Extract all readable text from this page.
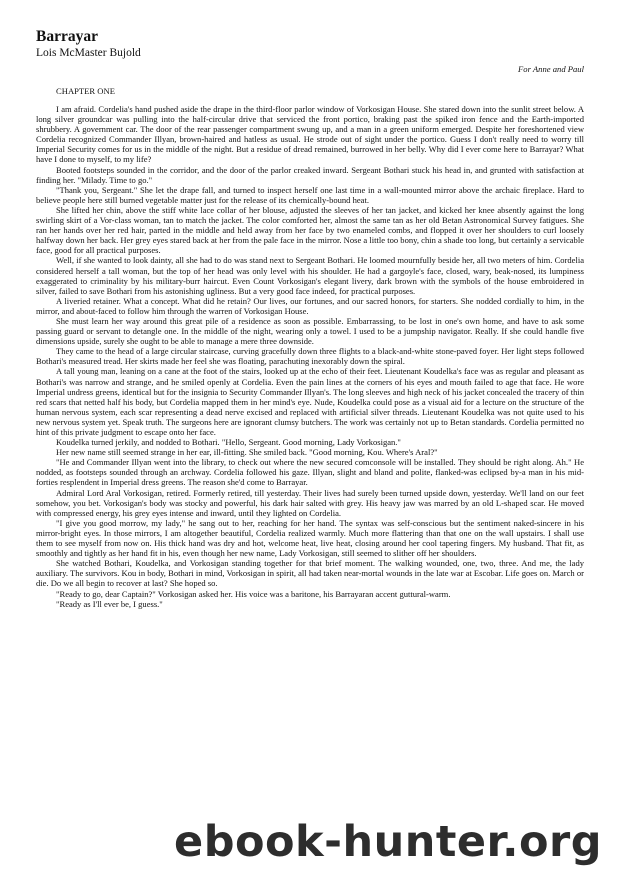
Barrayar
Lois McMaster Bujold
For Anne and Paul
CHAPTER ONE

I am afraid. Cordelia's hand pushed aside the drape in the third-floor parlor window of Vorkosigan House. She stared down into the sunlit street below. A long silver groundcar was pulling into the half-circular drive that serviced the front portico, braking past the spiked iron fence and the Earth-imported shrubbery. A government car. The door of the rear passenger compartment swung up, and a man in a green uniform emerged. Despite her foreshortened view Cordelia recognized Commander Illyan, brown-haired and hatless as usual. He strode out of sight under the portico. Guess I don't really need to worry till Imperial Security comes for us in the middle of the night. But a residue of dread remained, burrowed in her belly. Why did I ever come here to Barrayar? What have I done to myself, to my life?

Booted footsteps sounded in the corridor, and the door of the parlor creaked inward. Sergeant Bothari stuck his head in, and grunted with satisfaction at finding her. "Milady. Time to go."

"Thank you, Sergeant." She let the drape fall, and turned to inspect herself one last time in a wall-mounted mirror above the archaic fireplace. Hard to believe people here still burned vegetable matter just for the release of its chemically-bound heat.

She lifted her chin, above the stiff white lace collar of her blouse, adjusted the sleeves of her tan jacket, and kicked her knee absently against the long swirling skirt of a Vor-class woman, tan to match the jacket. The color comforted her, almost the same tan as her old Betan Astronomical Survey fatigues. She ran her hands over her red hair, parted in the middle and held away from her face by two enameled combs, and flopped it over her shoulders to curl loosely halfway down her back. Her grey eyes stared back at her from the pale face in the mirror. Nose a little too bony, chin a shade too long, but certainly a servicable face, good for all practical purposes.

Well, if she wanted to look dainty, all she had to do was stand next to Sergeant Bothari. He loomed mournfully beside her, all two meters of him. Cordelia considered herself a tall woman, but the top of her head was only level with his shoulder. He had a gargoyle's face, closed, wary, beak-nosed, its lumpiness exaggerated to criminality by his military-burr haircut. Even Count Vorkosigan's elegant livery, dark brown with the symbols of the house embroidered in silver, failed to save Bothari from his astonishing ugliness. But a very good face indeed, for practical purposes.

A liveried retainer. What a concept. What did he retain? Our lives, our fortunes, and our sacred honors, for starters. She nodded cordially to him, in the mirror, and about-faced to follow him through the warren of Vorkosigan House.

She must learn her way around this great pile of a residence as soon as possible. Embarrassing, to be lost in one's own home, and have to ask some passing guard or servant to detangle one. In the middle of the night, wearing only a towel. I used to be a jumpship navigator. Really. If she could handle five dimensions upside, surely she ought to be able to manage a mere three downside.

They came to the head of a large circular staircase, curving gracefully down three flights to a black-and-white stone-paved foyer. Her light steps followed Bothari's measured tread. Her skirts made her feel she was floating, parachuting inexorably down the spiral.

A tall young man, leaning on a cane at the foot of the stairs, looked up at the echo of their feet. Lieutenant Koudelka's face was as regular and pleasant as Bothari's was narrow and strange, and he smiled openly at Cordelia. Even the pain lines at the corners of his eyes and mouth failed to age that face. He wore Imperial undress greens, identical but for the insignia to Security Commander Illyan's. The long sleeves and high neck of his jacket concealed the tracery of thin red scars that netted half his body, but Cordelia mapped them in her mind's eye. Nude, Koudelka could pose as a visual aid for a lecture on the structure of the human nervous system, each scar representing a dead nerve excised and replaced with artificial silver threads. Lieutenant Koudelka was not quite used to his new nervous system yet. Speak truth. The surgeons here are ignorant clumsy butchers. The work was certainly not up to Betan standards. Cordelia permitted no hint of this private judgment to escape onto her face.

Koudelka turned jerkily, and nodded to Bothari. "Hello, Sergeant. Good morning, Lady Vorkosigan."

Her new name still seemed strange in her ear, ill-fitting. She smiled back. "Good morning, Kou. Where's Aral?"

"He and Commander Illyan went into the library, to check out where the new secured comconsole will be installed. They should be right along. Ah." He nodded, as footsteps sounded through an archway. Cordelia followed his gaze. Illyan, slight and bland and polite, flanked-was eclipsed by-a man in his mid-forties resplendent in Imperial dress greens. The reason she'd come to Barrayar.

Admiral Lord Aral Vorkosigan, retired. Formerly retired, till yesterday. Their lives had surely been turned upside down, yesterday. We'll land on our feet somehow, you bet. Vorkosigan's body was stocky and powerful, his dark hair salted with grey. His heavy jaw was marred by an old L-shaped scar. He moved with compressed energy, his grey eyes intense and inward, until they lighted on Cordelia.

"I give you good morrow, my lady," he sang out to her, reaching for her hand. The syntax was self-conscious but the sentiment naked-sincere in his mirror-bright eyes. In those mirrors, I am altogether beautiful, Cordelia realized warmly. Much more flattering than that one on the wall upstairs. I shall use them to see myself from now on. His thick hand was dry and hot, welcome heat, live heat, closing around her cool tapering fingers. My husband. That fit, as smoothly and tightly as her hand fit in his, even though her new name, Lady Vorkosigan, still seemed to slither off her shoulders.

She watched Bothari, Koudelka, and Vorkosigan standing together for that brief moment. The walking wounded, one, two, three. And me, the lady auxiliary. The survivors. Kou in body, Bothari in mind, Vorkosigan in spirit, all had taken near-mortal wounds in the late war at Escobar. Life goes on. March or die. Do we all begin to recover at last? She hoped so.

"Ready to go, dear Captain?" Vorkosigan asked her. His voice was a baritone, his Barrayaran accent guttural-warm.

"Ready as I'll ever be, I guess."

ebook-hunter.org
